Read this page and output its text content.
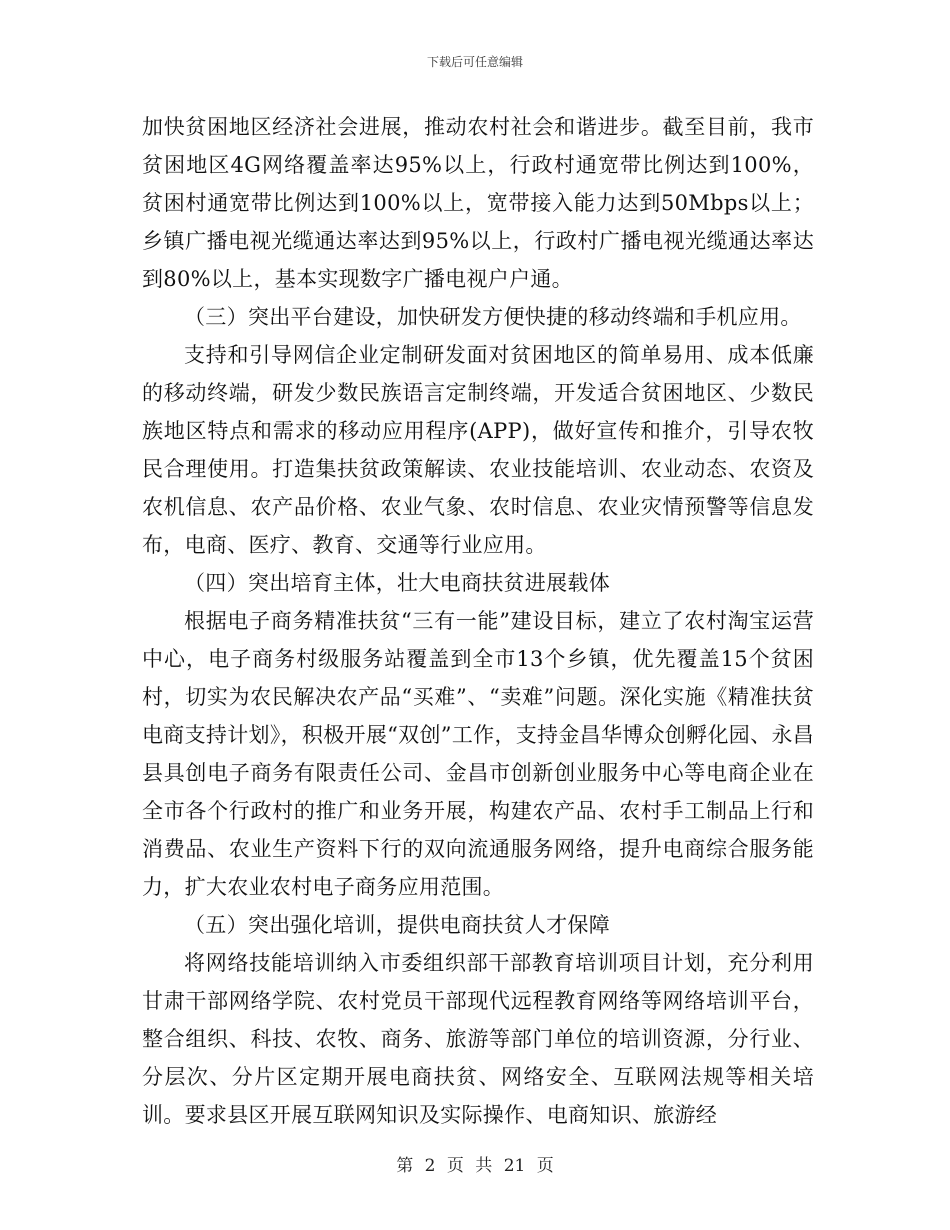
下载后可任意编辑

加快贫困地区经济社会进展，推动农村社会和谐进步。截至目前，我市贫困地区4G网络覆盖率达95%以上，行政村通宽带比例达到100%，贫困村通宽带比例达到100%以上，宽带接入能力达到50Mbps以上；乡镇广播电视光缆通达率达到95%以上，行政村广播电视光缆通达率达到80%以上，基本实现数字广播电视户户通。

（三）突出平台建设，加快研发方便快捷的移动终端和手机应用。

支持和引导网信企业定制研发面对贫困地区的简单易用、成本低廉的移动终端，研发少数民族语言定制终端，开发适合贫困地区、少数民族地区特点和需求的移动应用程序(APP)，做好宣传和推介，引导农牧民合理使用。打造集扶贫政策解读、农业技能培训、农业动态、农资及农机信息、农产品价格、农业气象、农时信息、农业灾情预警等信息发布，电商、医疗、教育、交通等行业应用。

（四）突出培育主体，壮大电商扶贫进展载体

根据电子商务精准扶贫“三有一能”建设目标，建立了农村淘宝运营中心，电子商务村级服务站覆盖到全市13个乡镇，优先覆盖15个贫困村，切实为农民解决农产品“买难”、“卖难”问题。深化实施《精准扶贫电商支持计划》，积极开展“双创”工作，支持金昌华博众创孵化园、永昌县具创电子商务有限责任公司、金昌市创新创业服务中心等电商企业在全市各个行政村的推广和业务开展，构建农产品、农村手工制品上行和消费品、农业生产资料下行的双向流通服务网络，提升电商综合服务能力，扩大农业农村电子商务应用范围。

（五）突出强化培训，提供电商扶贫人才保障

将网络技能培训纳入市委组织部干部教育培训项目计划，充分利用甘肃干部网络学院、农村党员干部现代远程教育网络等网络培训平台，整合组织、科技、农牧、商务、旅游等部门单位的培训资源，分行业、分层次、分片区定期开展电商扶贫、网络安全、互联网法规等相关培训。要求县区开展互联网知识及实际操作、电商知识、旅游经

第 2 页 共 21 页
